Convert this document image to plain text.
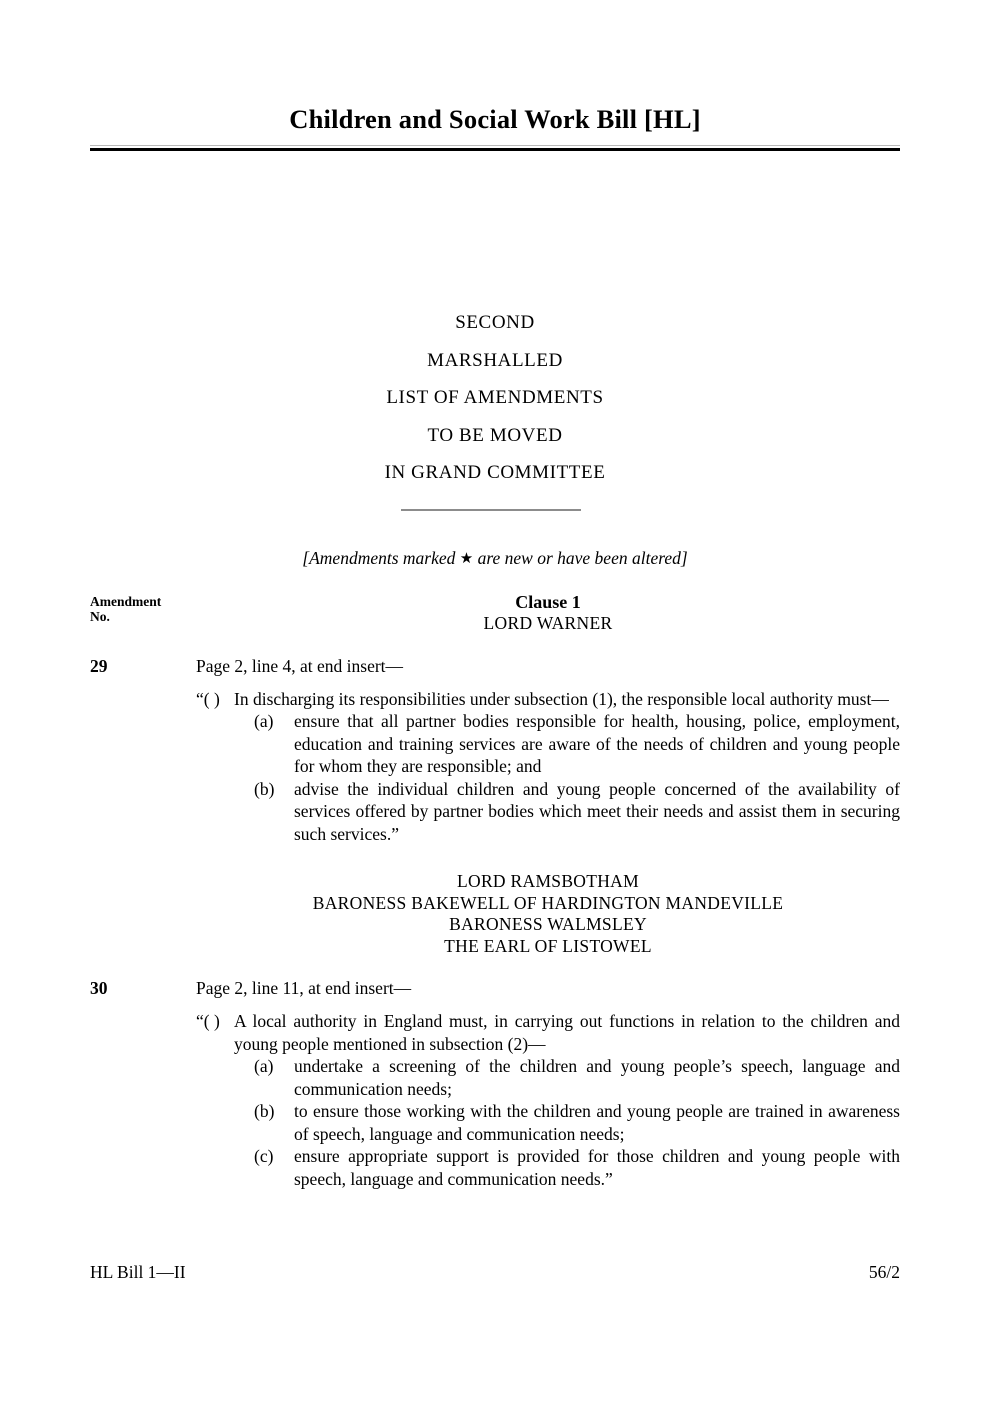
Children and Social Work Bill [HL]
SECOND
MARSHALLED
LIST OF AMENDMENTS
TO BE MOVED
IN GRAND COMMITTEE
[Amendments marked ★ are new or have been altered]
Amendment
No.
Clause 1
LORD WARNER
29	Page 2, line 4, at end insert—
“( ) In discharging its responsibilities under subsection (1), the responsible local authority must—
(a)	ensure that all partner bodies responsible for health, housing, police, employment, education and training services are aware of the needs of children and young people for whom they are responsible; and
(b)	advise the individual children and young people concerned of the availability of services offered by partner bodies which meet their needs and assist them in securing such services.”
LORD RAMSBOTHAM
BARONESS BAKEWELL OF HARDINGTON MANDEVILLE
BARONESS WALMSLEY
THE EARL OF LISTOWEL
30	Page 2, line 11, at end insert—
“( ) A local authority in England must, in carrying out functions in relation to the children and young people mentioned in subsection (2)—
(a)	undertake a screening of the children and young people’s speech, language and communication needs;
(b)	to ensure those working with the children and young people are trained in awareness of speech, language and communication needs;
(c)	ensure appropriate support is provided for those children and young people with speech, language and communication needs.”
HL Bill 1—II	56/2
